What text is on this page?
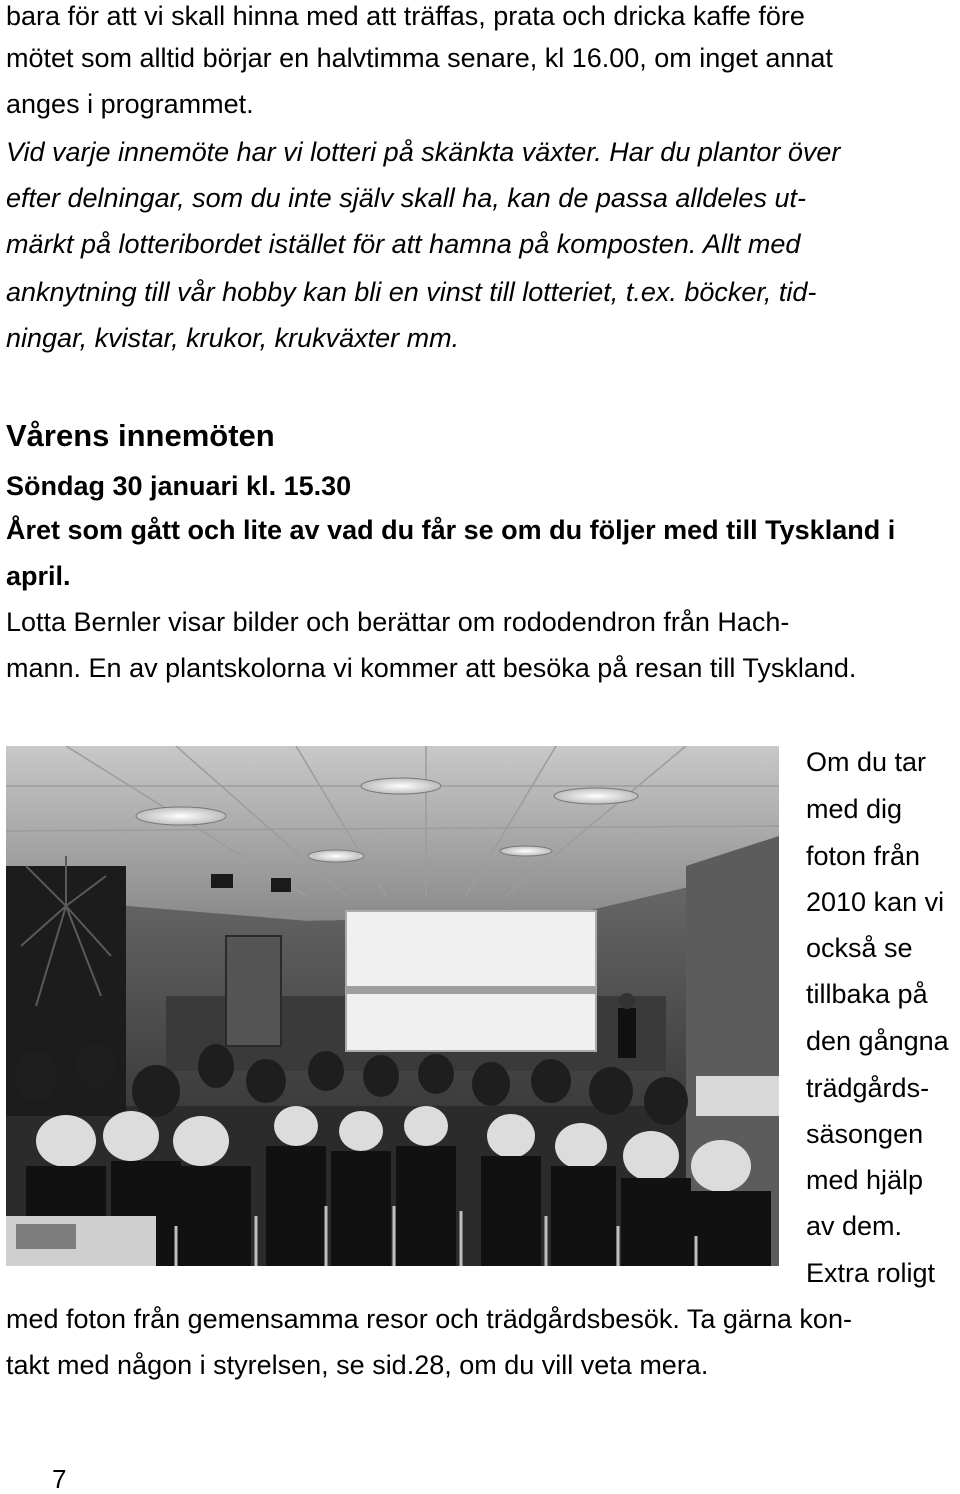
bara för att vi skall hinna med att träffas, prata och dricka kaffe före

mötet som alltid börjar en halvtimma senare, kl 16.00, om inget annat

anges i programmet.

Vid varje innemöte har vi lotteri på skänkta växter. Har du plantor över

efter delningar, som du inte själv skall ha, kan de passa alldeles ut-

märkt på lotteribordet istället för att hamna på komposten. Allt med

anknytning till vår hobby kan bli en vinst till lotteriet, t.ex. böcker, tid-

ningar, kvistar, krukor, krukväxter mm.

Vårens innemöten

Söndag 30 januari kl. 15.30

Året som gått och lite av vad du får se om du följer med till Tyskland i

april.

Lotta Bernler visar bilder och berättar om rododendron från Hach-

mann. En av plantskolorna vi kommer att besöka på resan till Tyskland.

Om du tar

med dig

foton från

2010 kan vi

också se

tillbaka på

den gångna

trädgårds-

säsongen

med hjälp

av dem.

Extra roligt

med foton från gemensamma resor och trädgårdsbesök. Ta gärna kon-

takt med någon i styrelsen, se sid.28, om du vill veta mera.

7
